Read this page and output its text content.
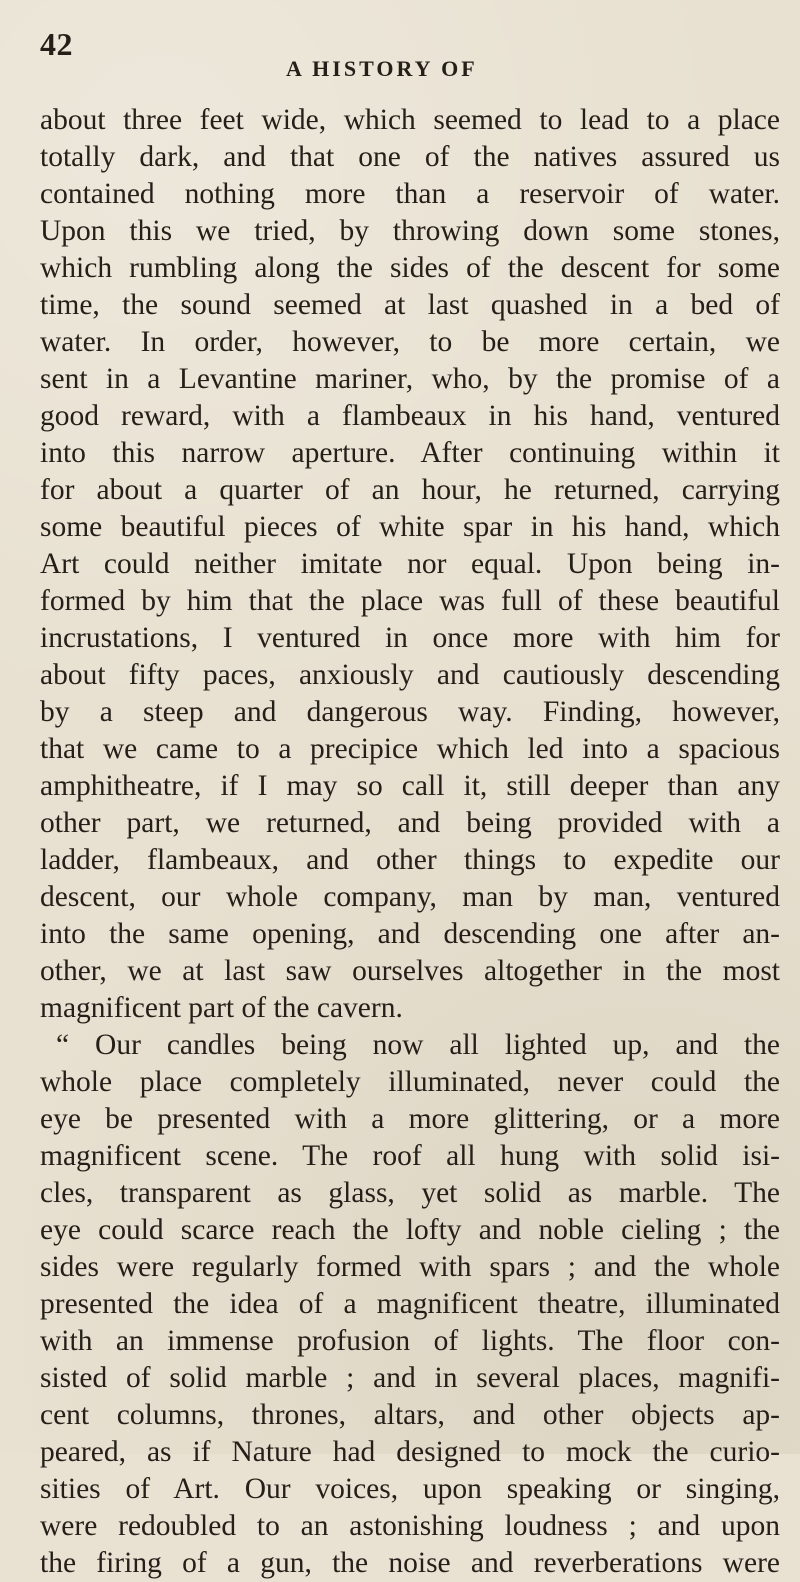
42
A HISTORY OF
about three feet wide, which seemed to lead to a place
totally dark, and that one of the natives assured us
contained nothing more than a reservoir of water.
Upon this we tried, by throwing down some stones,
which rumbling along the sides of the descent for some
time, the sound seemed at last quashed in a bed of
water. In order, however, to be more certain, we
sent in a Levantine mariner, who, by the promise of a
good reward, with a flambeaux in his hand, ventured
into this narrow aperture. After continuing within it
for about a quarter of an hour, he returned, carrying
some beautiful pieces of white spar in his hand, which
Art could neither imitate nor equal. Upon being in-
formed by him that the place was full of these beautiful
incrustations, I ventured in once more with him for
about fifty paces, anxiously and cautiously descending
by a steep and dangerous way. Finding, however,
that we came to a precipice which led into a spacious
amphitheatre, if I may so call it, still deeper than any
other part, we returned, and being provided with a
ladder, flambeaux, and other things to expedite our
descent, our whole company, man by man, ventured
into the same opening, and descending one after an-
other, we at last saw ourselves altogether in the most
magnificent part of the cavern.
“ Our candles being now all lighted up, and the
whole place completely illuminated, never could the
eye be presented with a more glittering, or a more
magnificent scene. The roof all hung with solid isi-
cles, transparent as glass, yet solid as marble. The
eye could scarce reach the lofty and noble cieling ; the
sides were regularly formed with spars ; and the whole
presented the idea of a magnificent theatre, illuminated
with an immense profusion of lights. The floor con-
sisted of solid marble ; and in several places, magnifi-
cent columns, thrones, altars, and other objects ap-
peared, as if Nature had designed to mock the curio-
sities of Art. Our voices, upon speaking or singing,
were redoubled to an astonishing loudness ; and upon
the firing of a gun, the noise and reverberations were
